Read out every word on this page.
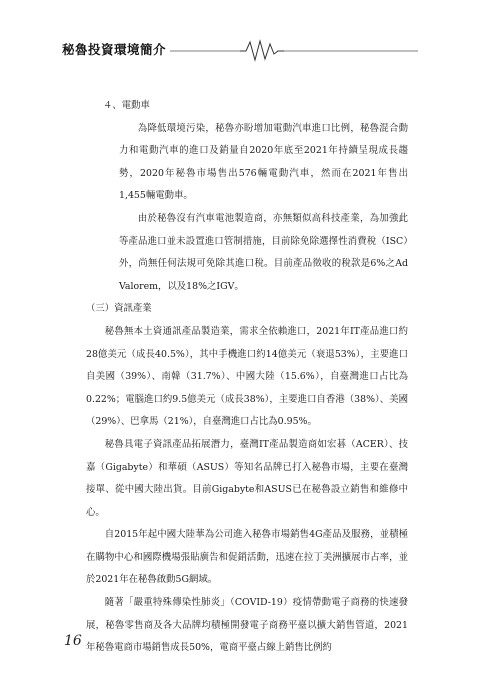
秘魯投資環境簡介

４、電動車

為降低環境污染，秘魯亦盼增加電動汽車進口比例，秘魯混合動力和電動汽車的進口及銷量自2020年底至2021年持續呈現成長趨勢，2020年秘魯市場售出576輛電動汽車，然而在2021年售出1,455輛電動車。

由於秘魯沒有汽車電池製造商，亦無類似高科技產業，為加強此等產品進口並未設置進口管制措施，目前除免除選擇性消費稅（ISC）外，尚無任何法規可免除其進口稅。目前產品徵收的稅款是6%之Ad Valorem，以及18%之IGV。

（三）資訊產業

秘魯無本土資通訊產品製造業，需求全依賴進口，2021年IT產品進口約28億美元（成長40.5%），其中手機進口約14億美元（衰退53%），主要進口自美國（39%）、南韓（31.7%）、中國大陸（15.6%），自臺灣進口占比為0.22%；電腦進口約9.5億美元（成長38%），主要進口自香港（38%）、美國（29%）、巴拿馬（21%），自臺灣進口占比為0.95%。

秘魯具電子資訊產品拓展潛力，臺灣IT產品製造商如宏碁（ACER）、技嘉（Gigabyte）和華碩（ASUS）等知名品牌已打入秘魯市場，主要在臺灣接單、從中國大陸出貨。目前Gigabyte和ASUS已在秘魯設立銷售和維修中心。

自2015年起中國大陸華為公司進入秘魯市場銷售4G產品及服務，並積極在購物中心和國際機場張貼廣告和促銷活動，迅速在拉丁美洲擴展市占率，並於2021年在秘魯啟動5G網域。

隨著「嚴重特殊傳染性肺炎」（COVID-19）疫情帶動電子商務的快速發展，秘魯零售商及各大品牌均積極開發電子商務平臺以擴大銷售管道，2021年秘魯電商市場銷售成長50%，電商平臺占線上銷售比例約

16
